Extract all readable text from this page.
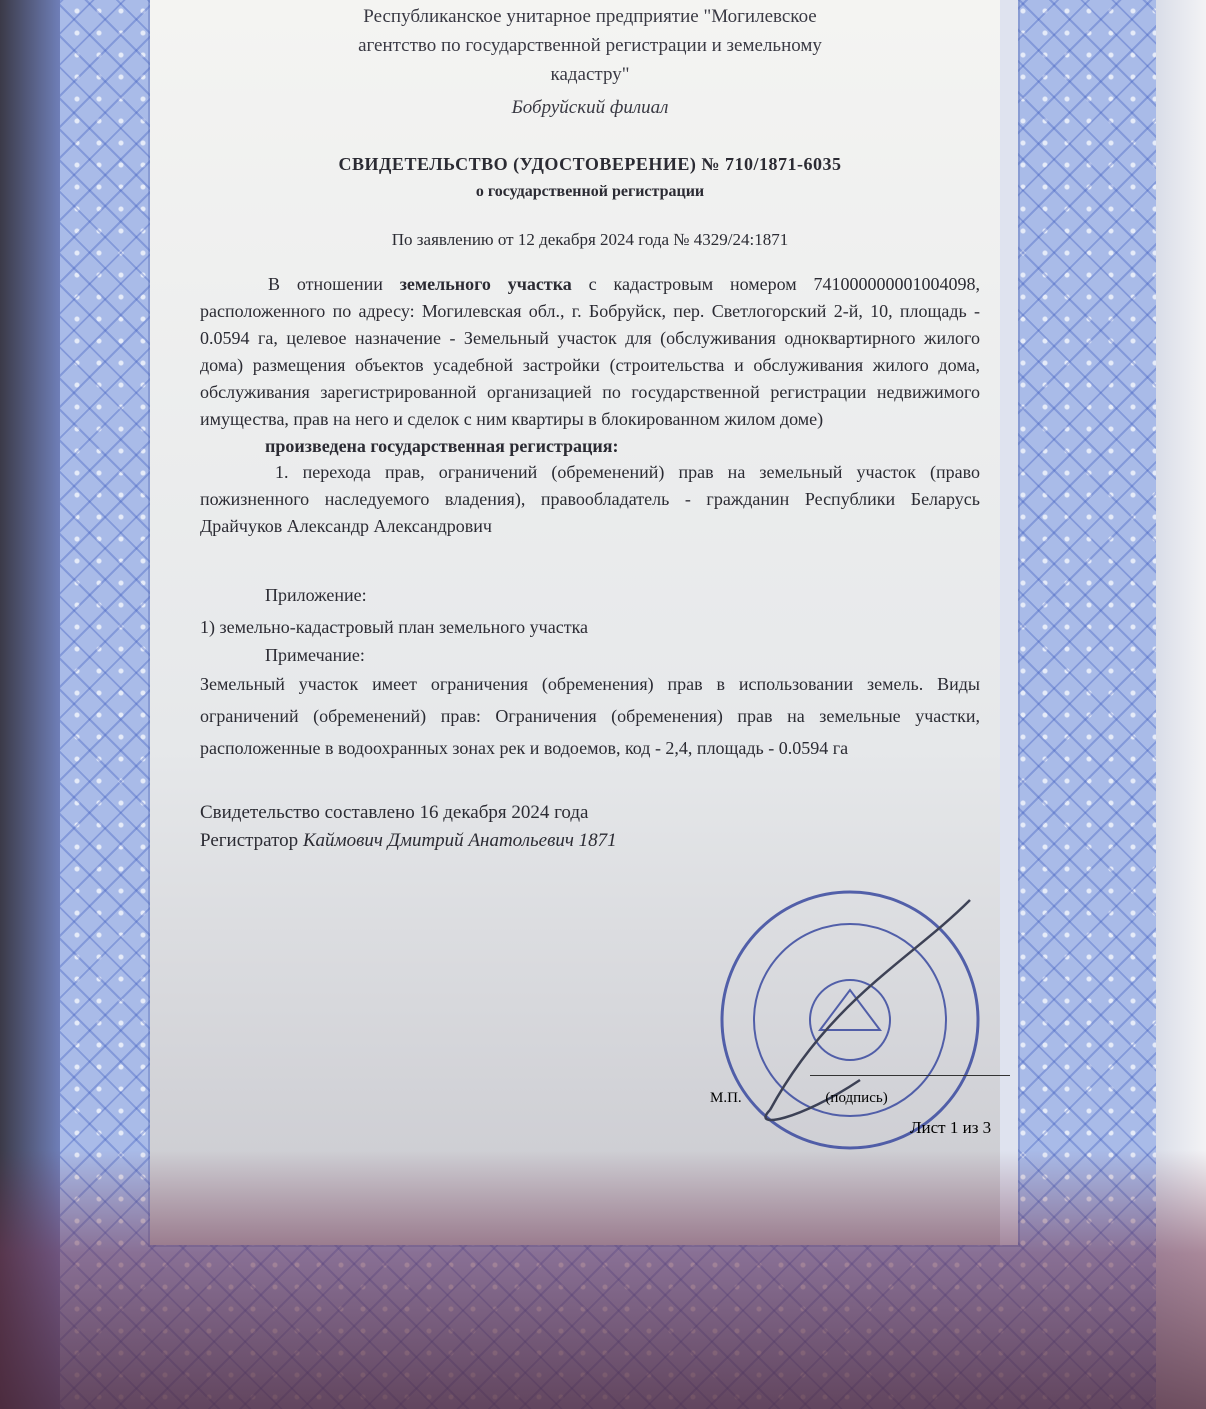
Республиканское унитарное предприятие "Могилевское
агентство по государственной регистрации и земельному
кадастру"
Бобруйский филиал
СВИДЕТЕЛЬСТВО (УДОСТОВЕРЕНИЕ) № 710/1871-6035
о государственной регистрации
По заявлению от 12 декабря 2024 года № 4329/24:1871
В отношении земельного участка с кадастровым номером 741000000001004098, расположенного по адресу: Могилевская обл., г. Бобруйск, пер. Светлогорский 2-й, 10, площадь - 0.0594 га, целевое назначение - Земельный участок для (обслуживания одноквартирного жилого дома) размещения объектов усадебной застройки (строительства и обслуживания жилого дома, обслуживания зарегистрированной организацией по государственной регистрации недвижимого имущества, прав на него и сделок с ним квартиры в блокированном жилом доме)
произведена государственная регистрация:
1. перехода прав, ограничений (обременений) прав на земельный участок (право пожизненного наследуемого владения), правообладатель - гражданин Республики Беларусь Драйчуков Александр Александрович
Приложение:
1) земельно-кадастровый план земельного участка
Примечание:
Земельный участок имеет ограничения (обременения) прав в использовании земель. Виды ограничений (обременений) прав: Ограничения (обременения) прав на земельные участки, расположенные в водоохранных зонах рек и водоемов, код - 2,4, площадь - 0.0594 га
Свидетельство составлено 16 декабря 2024 года
Регистратор Каймович Дмитрий Анатольевич 1871
М.П.	(подпись)
Лист 1 из 3
